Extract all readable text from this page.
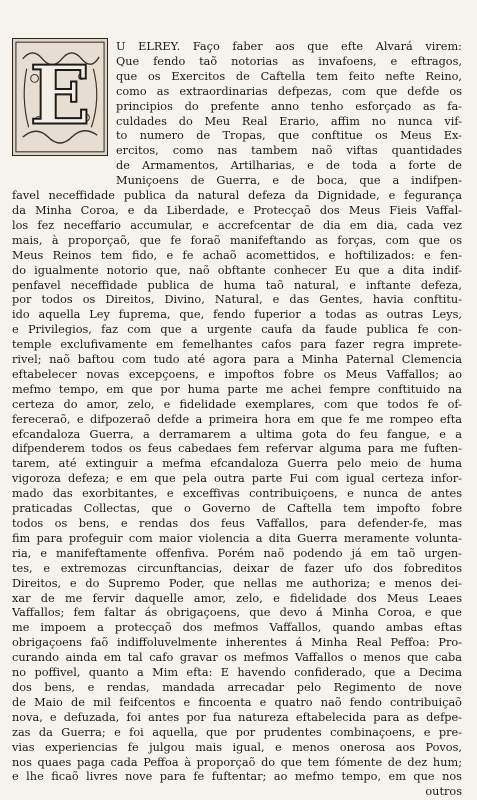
E
U ELREY. Faço faber aos que efte Alvará virem:
Que fendo taõ notorias as invafoens, e eftragos,
que os Exercitos de Caftella tem feito nefte Reino,
como as extraordinarias defpezas, com que defde os
principios do prefente anno tenho esforçado as fa-
culdades do Meu Real Erario, affim no nunca vif-
to numero de Tropas, que conftitue os Meus Ex-
ercitos, como nas tambem naõ viftas quantidades
de Armamentos, Artilharias, e de toda a forte de
Muniçoens de Guerra, e de boca, que a indifpen-
favel neceffidade publica da natural defeza da Dignidade, e fegurança
da Minha Coroa, e da Liberdade, e Protecçaõ dos Meus Fieis Vaffal-
los fez neceffario accumular, e accrefcentar de dia em dia, cada vez
mais, à proporçaõ, que fe foraõ manifeftando as forças, com que os
Meus Reinos tem fido, e fe achaõ acomettidos, e hoftilizados: e fen-
do igualmente notorio que, naõ obftante conhecer Eu que a dita indif-
penfavel neceffidade publica de huma taõ natural, e inftante defeza,
por todos os Direitos, Divino, Natural, e das Gentes, havia conftitu-
ido aquella Ley fuprema, que, fendo fuperior a todas as outras Leys,
e Privilegios, faz com que a urgente caufa da faude publica fe con-
temple exclufivamente em femelhantes cafos para fazer regra imprete-
rivel; naõ baftou com tudo até agora para a Minha Paternal Clemencia
eftabelecer novas excepçoens, e impoftos fobre os Meus Vaffallos; ao
mefmo tempo, em que por huma parte me achei fempre conftituido na
certeza do amor, zelo, e fidelidade exemplares, com que todos fe of-
fereceraõ, e difpozeraõ defde a primeira hora em que fe me rompeo efta
efcandaloza Guerra, a derramarem a ultima gota do feu fangue, e a
difpenderem todos os feus cabedaes fem refervar alguma para me fuften-
tarem, até extinguir a mefma efcandaloza Guerra pelo meio de huma
vigoroza defeza; e em que pela outra parte Fui com igual certeza infor-
mado das exorbitantes, e exceffivas contribuiçoens, e nunca de antes
praticadas Collectas, que o Governo de Caftella tem impofto fobre
todos os bens, e rendas dos feus Vaffallos, para defender-fe, mas
fim para profeguir com maior violencia a dita Guerra meramente volunta-
ria, e manifeftamente offenfiva. Porém naõ podendo já em taõ urgen-
tes, e extremozas circunftancias, deixar de fazer ufo dos fobreditos
Direitos, e do Supremo Poder, que nellas me authoriza; e menos dei-
xar de me fervir daquelle amor, zelo, e fidelidade dos Meus Leaes
Vaffallos; fem faltar ás obrigaçoens, que devo á Minha Coroa, e que
me impoem a protecçaõ dos mefmos Vaffallos, quando ambas eftas
obrigaçoens faõ indiffoluvelmente inherentes á Minha Real Peffoa: Pro-
curando ainda em tal cafo gravar os mefmos Vaffallos o menos que caba
no poffivel, quanto a Mim efta: E havendo confiderado, que a Decima
dos bens, e rendas, mandada arrecadar pelo Regimento de nove
de Maio de mil feifcentos e fincoenta e quatro naõ fendo contribuiçaõ
nova, e defuzada, foi antes por fua natureza eftabelecida para as defpe-
zas da Guerra; e foi aquella, que por prudentes combinaçoens, e pre-
vias experiencias fe julgou mais igual, e menos onerosa aos Povos,
nos quaes paga cada Peffoa à proporçaõ do que tem fómente de dez hum;
e lhe ficaõ livres nove para fe fuftentar; ao mefmo tempo, em que nos
outros
